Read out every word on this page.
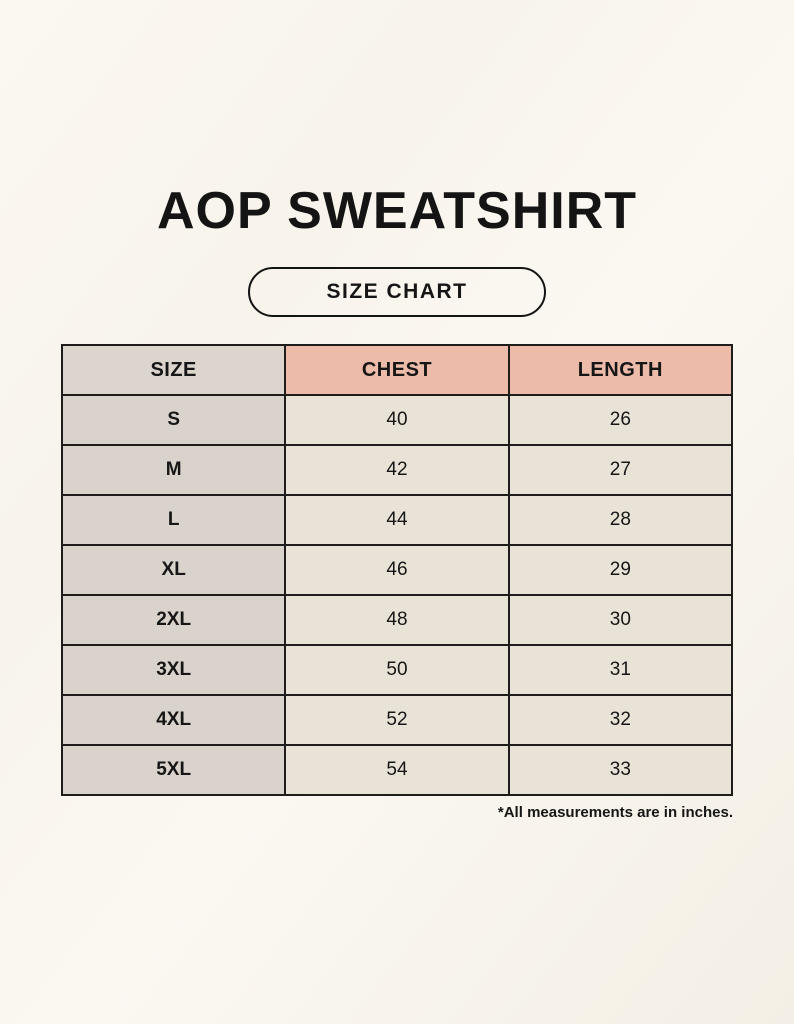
AOP SWEATSHIRT
SIZE CHART
SIZE	CHEST	LENGTH
S	40	26
M	42	27
L	44	28
XL	46	29
2XL	48	30
3XL	50	31
4XL	52	32
5XL	54	33
*All measurements are in inches.
